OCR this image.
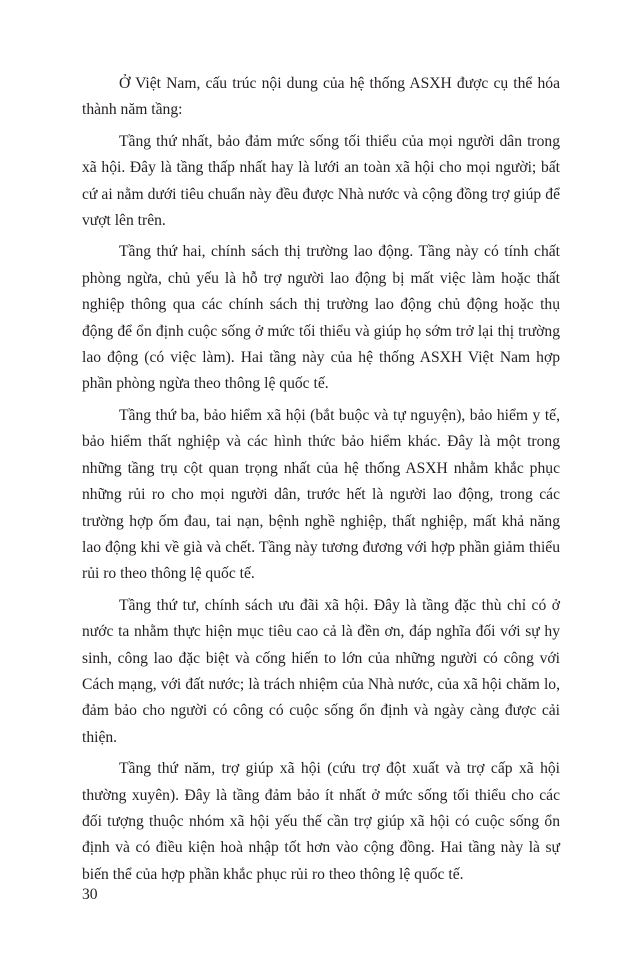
Ở Việt Nam, cấu trúc nội dung của hệ thống ASXH được cụ thể hóa thành năm tầng:

Tầng thứ nhất, bảo đảm mức sống tối thiểu của mọi người dân trong xã hội. Đây là tầng thấp nhất hay là lưới an toàn xã hội cho mọi người; bất cứ ai nằm dưới tiêu chuẩn này đều được Nhà nước và cộng đồng trợ giúp để vượt lên trên.

Tầng thứ hai, chính sách thị trường lao động. Tầng này có tính chất phòng ngừa, chủ yếu là hỗ trợ người lao động bị mất việc làm hoặc thất nghiệp thông qua các chính sách thị trường lao động chủ động hoặc thụ động để ổn định cuộc sống ở mức tối thiểu và giúp họ sớm trở lại thị trường lao động (có việc làm). Hai tầng này của hệ thống ASXH Việt Nam hợp phần phòng ngừa theo thông lệ quốc tế.

Tầng thứ ba, bảo hiểm xã hội (bắt buộc và tự nguyện), bảo hiểm y tế, bảo hiểm thất nghiệp và các hình thức bảo hiểm khác. Đây là một trong những tầng trụ cột quan trọng nhất của hệ thống ASXH nhằm khắc phục những rủi ro cho mọi người dân, trước hết là người lao động, trong các trường hợp ốm đau, tai nạn, bệnh nghề nghiệp, thất nghiệp, mất khả năng lao động khi về già và chết. Tầng này tương đương với hợp phần giảm thiểu rủi ro theo thông lệ quốc tế.

Tầng thứ tư, chính sách ưu đãi xã hội. Đây là tầng đặc thù chỉ có ở nước ta nhằm thực hiện mục tiêu cao cả là đền ơn, đáp nghĩa đối với sự hy sinh, công lao đặc biệt và cống hiến to lớn của những người có công với Cách mạng, với đất nước; là trách nhiệm của Nhà nước, của xã hội chăm lo, đảm bảo cho người có công có cuộc sống ổn định và ngày càng được cải thiện.

Tầng thứ năm, trợ giúp xã hội (cứu trợ đột xuất và trợ cấp xã hội thường xuyên). Đây là tầng đảm bảo ít nhất ở mức sống tối thiểu cho các đối tượng thuộc nhóm xã hội yếu thế cần trợ giúp xã hội có cuộc sống ổn định và có điều kiện hoà nhập tốt hơn vào cộng đồng. Hai tầng này là sự biến thể của hợp phần khắc phục rủi ro theo thông lệ quốc tế.

30
